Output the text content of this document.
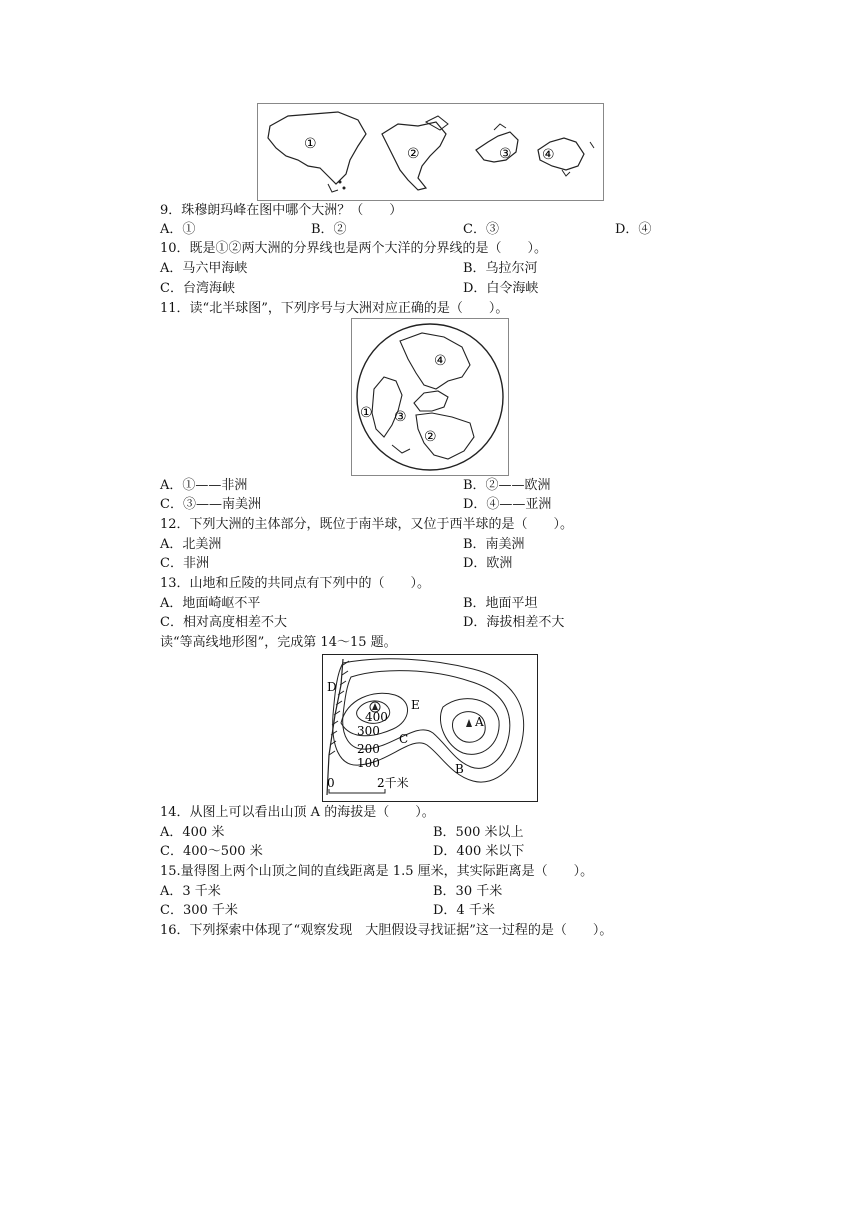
①
②	③ ④
9．珠穆朗玛峰在图中哪个大洲？（　　）
A．①	B．②	C．③	D．④
10．既是①②两大洲的分界线也是两个大洋的分界线的是（　　）。
A．马六甲海峡	B．乌拉尔河
C．台湾海峡	D．白令海峡
11．读“北半球图”，下列序号与大洲对应正确的是（　　）。
④
① ③
②
A．①——非洲	B．②——欧洲
C．③——南美洲	D．④——亚洲
12．下列大洲的主体部分，既位于南半球，又位于西半球的是（　　）。
A．北美洲	B．南美洲
C．非洲	D．欧洲
13．山地和丘陵的共同点有下列中的（　　）。
A．地面崎岖不平	B．地面平坦
C．相对高度相差不大	D．海拔相差不大
读“等高线地形图”，完成第 14～15 题。
D
E
A
B
C
400
300
200
100
0	2千米
14．从图上可以看出山顶 A 的海拔是（　　）。
A．400 米	B．500 米以上
C．400～500 米	D．400 米以下
15.量得图上两个山顶之间的直线距离是 1.5 厘米，其实际距离是（　　）。
A．3 千米	B．30 千米
C．300 千米	D．4 千米
16．下列探索中体现了“观察发现　大胆假设寻找证据”这一过程的是（　　）。
